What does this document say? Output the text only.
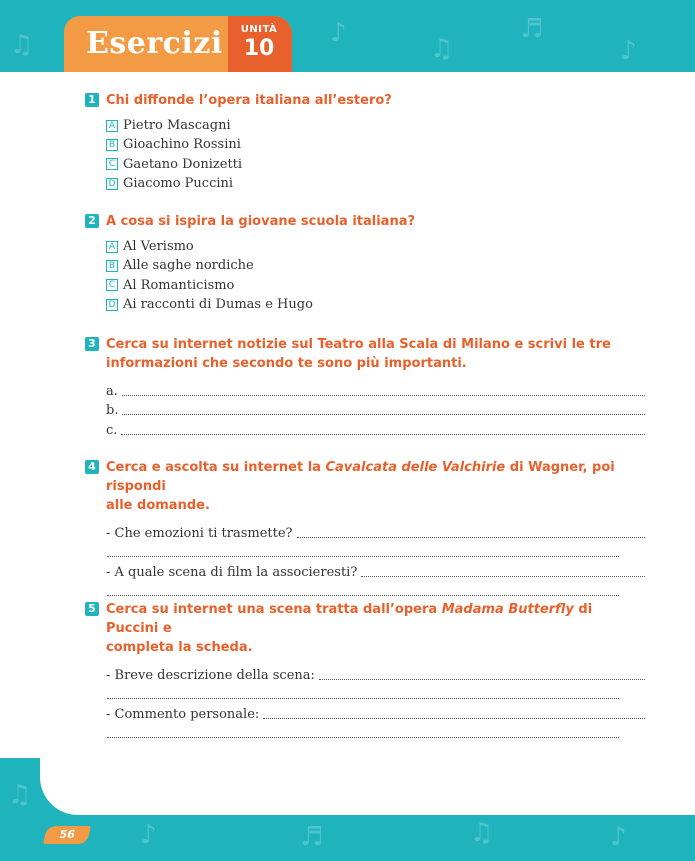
♫	♪
♫
♬
♪
♫
♪	♬	♫	♪
Esercizi	UNITÀ
10
1 Chi diffonde l’opera italiana all’estero?
A Pietro Mascagni
B Gioachino Rossini
C Gaetano Donizetti
D Giacomo Puccini
2 A cosa si ispira la giovane scuola italiana?
A Al Verismo
B Alle saghe nordiche
C Al Romanticismo
D Ai racconti di Dumas e Hugo
3 Cerca su internet notizie sul Teatro alla Scala di Milano e scrivi le tre
informazioni che secondo te sono più importanti.
a.
b.
c.
4 Cerca e ascolta su internet la Cavalcata delle Valchirie di Wagner, poi rispondi
alle domande.
- Che emozioni ti trasmette?
- A quale scena di film la associeresti?
5 Cerca su internet una scena tratta dall’opera Madama Butterfly di Puccini e
completa la scheda.
- Breve descrizione della scena:
- Commento personale:
56
